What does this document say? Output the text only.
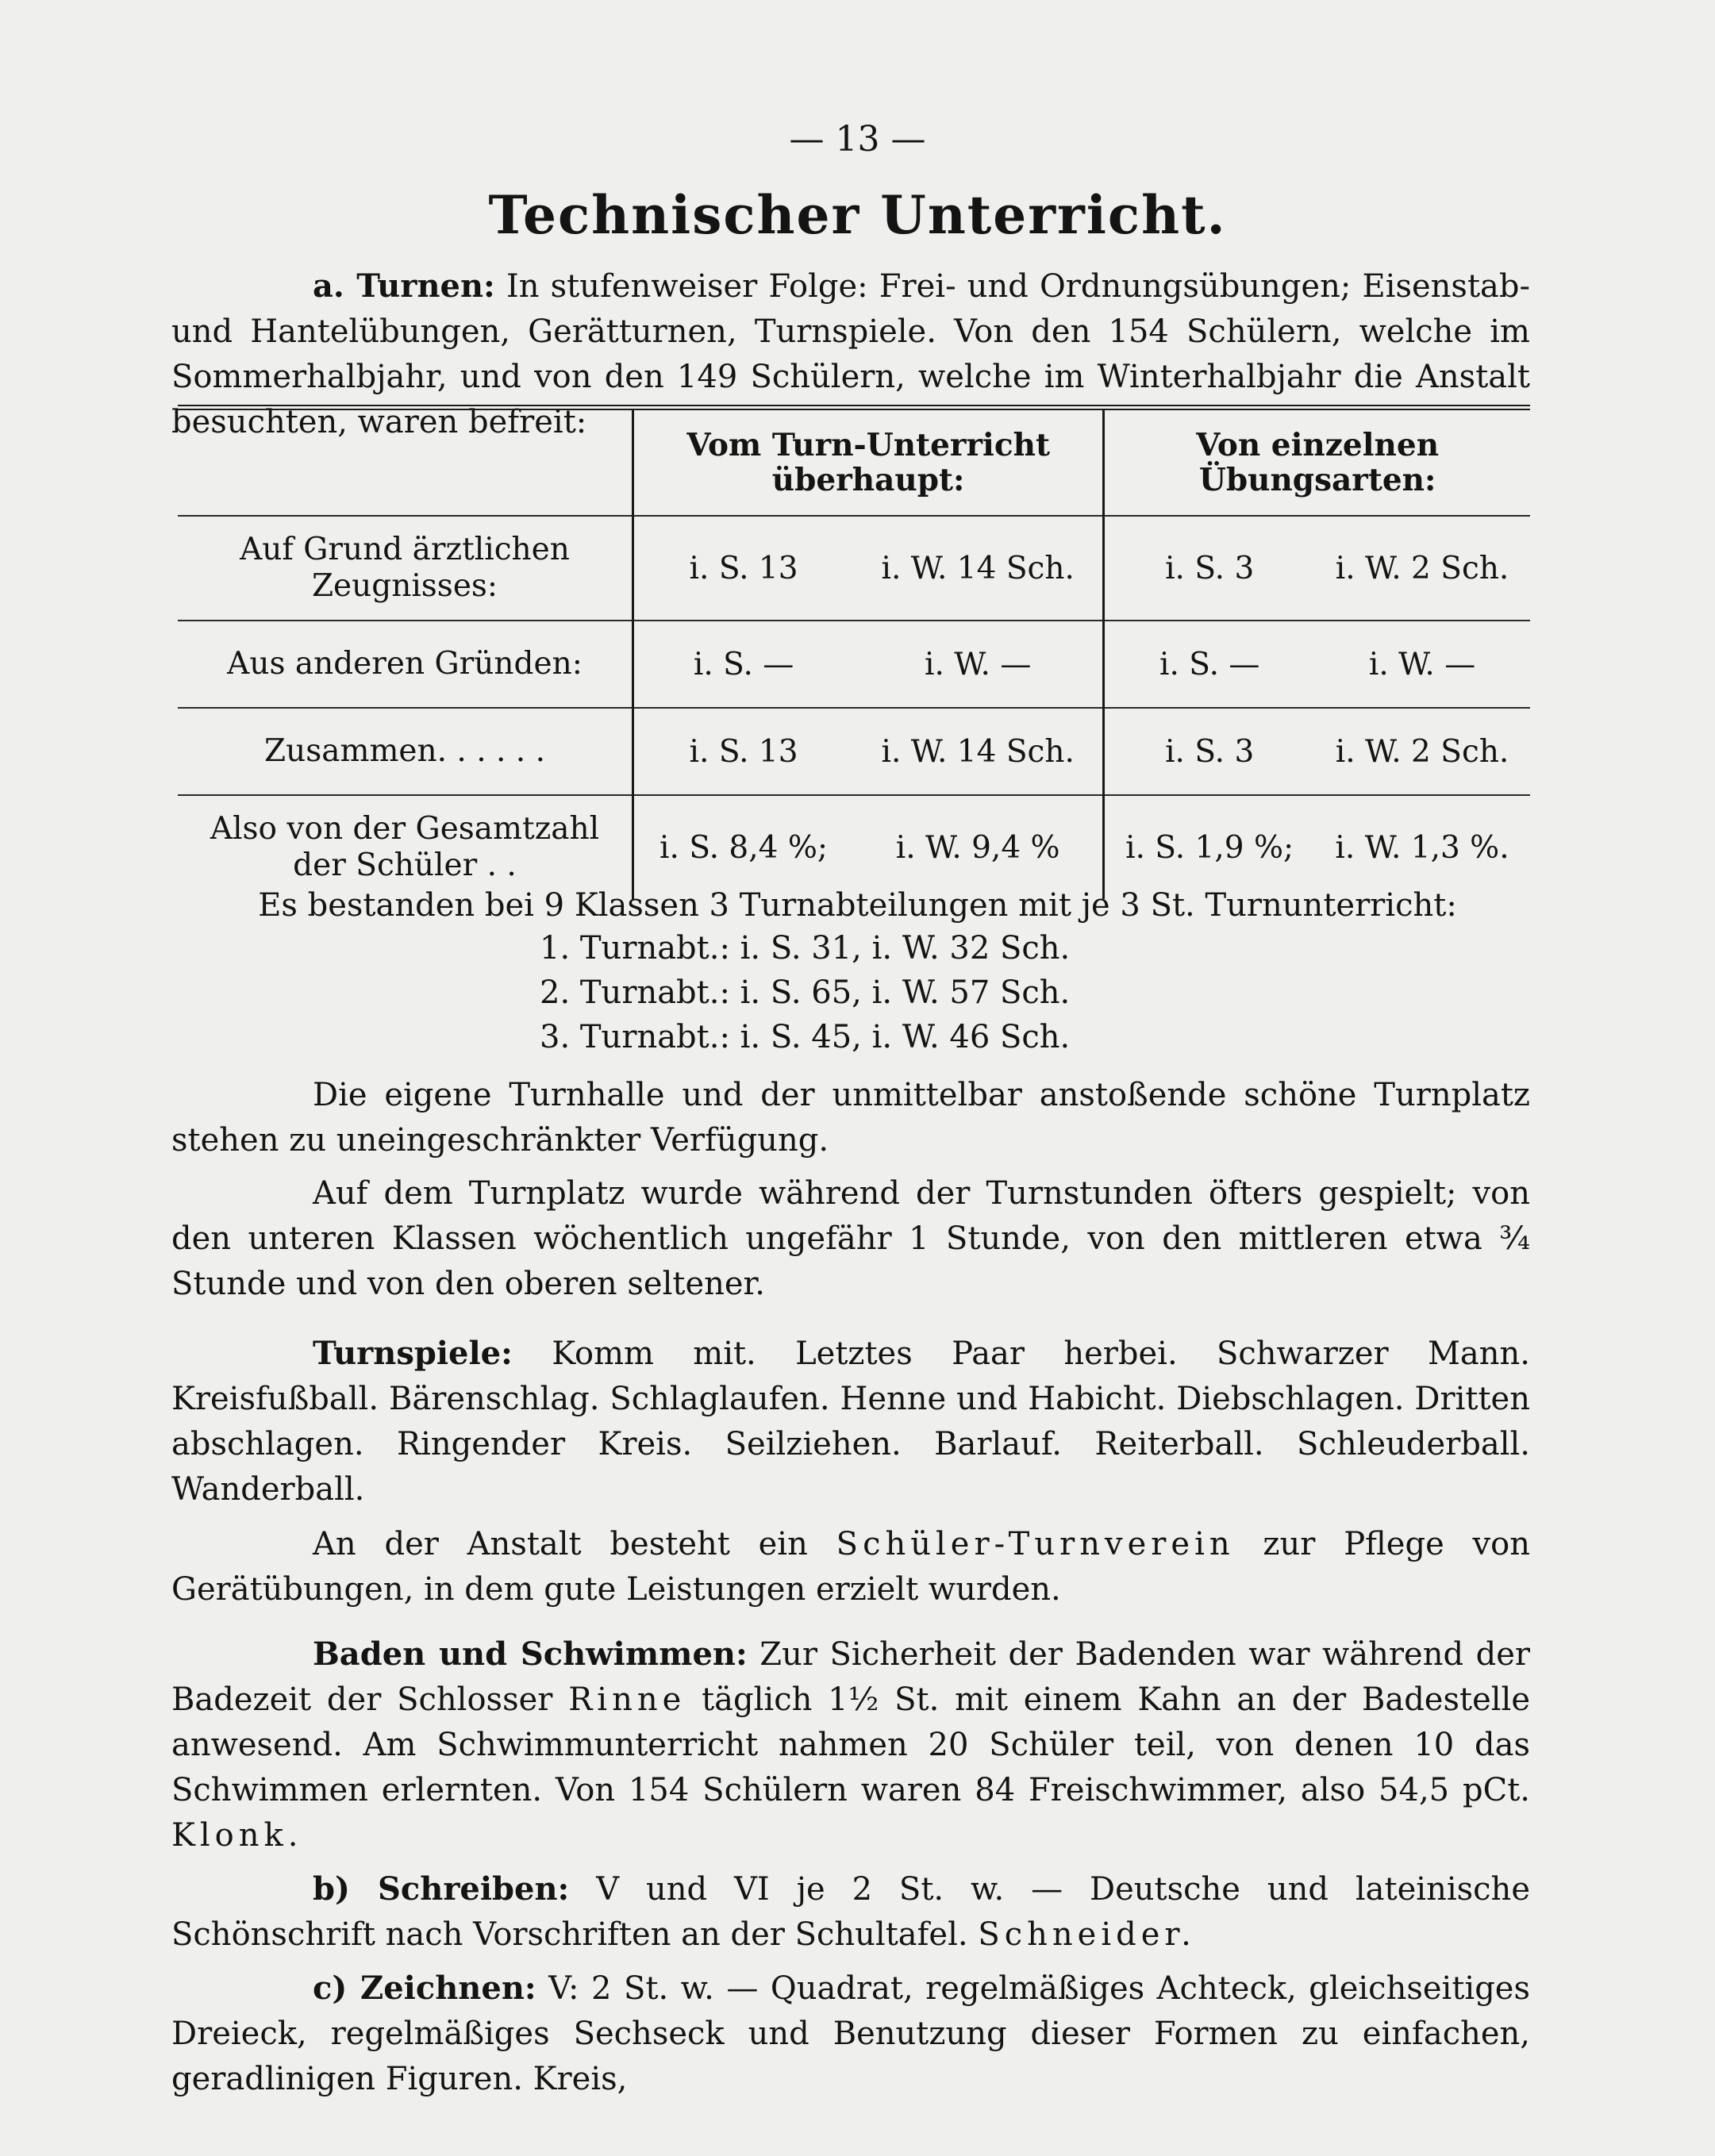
— 13 —
Technischer Unterricht.
a. Turnen: In stufenweiser Folge: Frei- und Ordnungsübungen; Eisenstab- und Hantelübungen, Gerätturnen, Turnspiele. Von den 154 Schülern, welche im Sommerhalbjahr, und von den 149 Schülern, welche im Winterhalbjahr die Anstalt besuchten, waren befreit:
	Vom Turn-Unterricht überhaupt:		Von einzelnen Übungsarten:	
Auf Grund ärztlichen Zeugnisses:	i. S. 13	i. W. 14 Sch.	i. S. 3	i. W. 2 Sch.
Aus anderen Gründen:	i. S. —	i. W. —	i. S. —	i. W. —
Zusammen. . . . . .	i. S. 13	i. W. 14 Sch.	i. S. 3	i. W. 2 Sch.
Also von der Gesamtzahl der Schüler . .	i. S. 8,4 %;	i. W. 9,4 %	i. S. 1,9 %;	i. W. 1,3 %.
Es bestanden bei 9 Klassen 3 Turnabteilungen mit je 3 St. Turnunterricht:
1. Turnabt.: i. S. 31, i. W. 32 Sch.
2. Turnabt.: i. S. 65, i. W. 57 Sch.
3. Turnabt.: i. S. 45, i. W. 46 Sch.
Die eigene Turnhalle und der unmittelbar anstoßende schöne Turnplatz stehen zu uneingeschränkter Verfügung.
Auf dem Turnplatz wurde während der Turnstunden öfters gespielt; von den unteren Klassen wöchentlich ungefähr 1 Stunde, von den mittleren etwa ¾ Stunde und von den oberen seltener.
Turnspiele: Komm mit. Letztes Paar herbei. Schwarzer Mann. Kreisfußball. Bärenschlag. Schlaglaufen. Henne und Habicht. Diebschlagen. Dritten abschlagen. Ringender Kreis. Seilziehen. Barlauf. Reiterball. Schleuderball. Wanderball.
An der Anstalt besteht ein Schüler-Turnverein zur Pflege von Gerätübungen, in dem gute Leistungen erzielt wurden.
Baden und Schwimmen: Zur Sicherheit der Badenden war während der Badezeit der Schlosser Rinne täglich 1½ St. mit einem Kahn an der Badestelle anwesend. Am Schwimmunterricht nahmen 20 Schüler teil, von denen 10 das Schwimmen erlernten. Von 154 Schülern waren 84 Freischwimmer, also 54,5 pCt. Klonk.
b) Schreiben: V und VI je 2 St. w. — Deutsche und lateinische Schönschrift nach Vorschriften an der Schultafel. Schneider.
c) Zeichnen: V: 2 St. w. — Quadrat, regelmäßiges Achteck, gleichseitiges Dreieck, regelmäßiges Sechseck und Benutzung dieser Formen zu einfachen, geradlinigen Figuren. Kreis,
